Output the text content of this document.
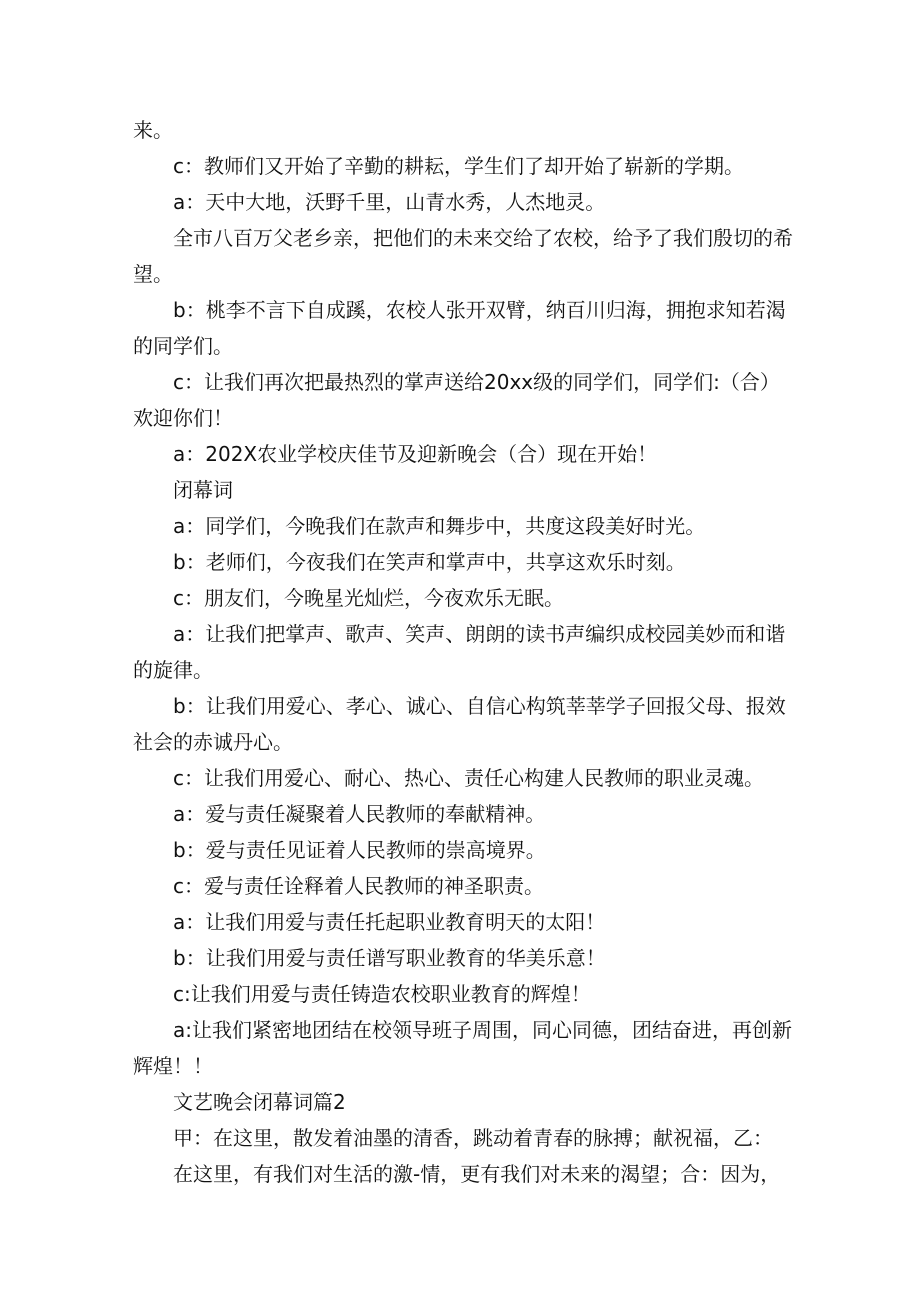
来。

c：教师们又开始了辛勤的耕耘，学生们了却开始了崭新的学期。

a：天中大地，沃野千里，山青水秀，人杰地灵。

全市八百万父老乡亲，把他们的未来交给了农校，给予了我们殷切的希望。

b：桃李不言下自成蹊，农校人张开双臂，纳百川归海，拥抱求知若渴的同学们。

c：让我们再次把最热烈的掌声送给20xx级的同学们，同学们:（合）欢迎你们！

a：202X农业学校庆佳节及迎新晚会（合）现在开始！

闭幕词

a：同学们，今晚我们在款声和舞步中，共度这段美好时光。

b：老师们，今夜我们在笑声和掌声中，共享这欢乐时刻。

c：朋友们，今晚星光灿烂，今夜欢乐无眠。

a：让我们把掌声、歌声、笑声、朗朗的读书声编织成校园美妙而和谐的旋律。

b：让我们用爱心、孝心、诚心、自信心构筑莘莘学子回报父母、报效社会的赤诚丹心。

c：让我们用爱心、耐心、热心、责任心构建人民教师的职业灵魂。

a：爱与责任凝聚着人民教师的奉献精神。

b：爱与责任见证着人民教师的崇高境界。

c：爱与责任诠释着人民教师的神圣职责。

a：让我们用爱与责任托起职业教育明天的太阳！

b：让我们用爱与责任谱写职业教育的华美乐意！

c:让我们用爱与责任铸造农校职业教育的辉煌！

a:让我们紧密地团结在校领导班子周围，同心同德，团结奋进，再创新辉煌！！

文艺晚会闭幕词篇2

甲：在这里，散发着油墨的清香，跳动着青春的脉搏；献祝福，乙：

在这里，有我们对生活的激-情，更有我们对未来的渴望；合：因为，
